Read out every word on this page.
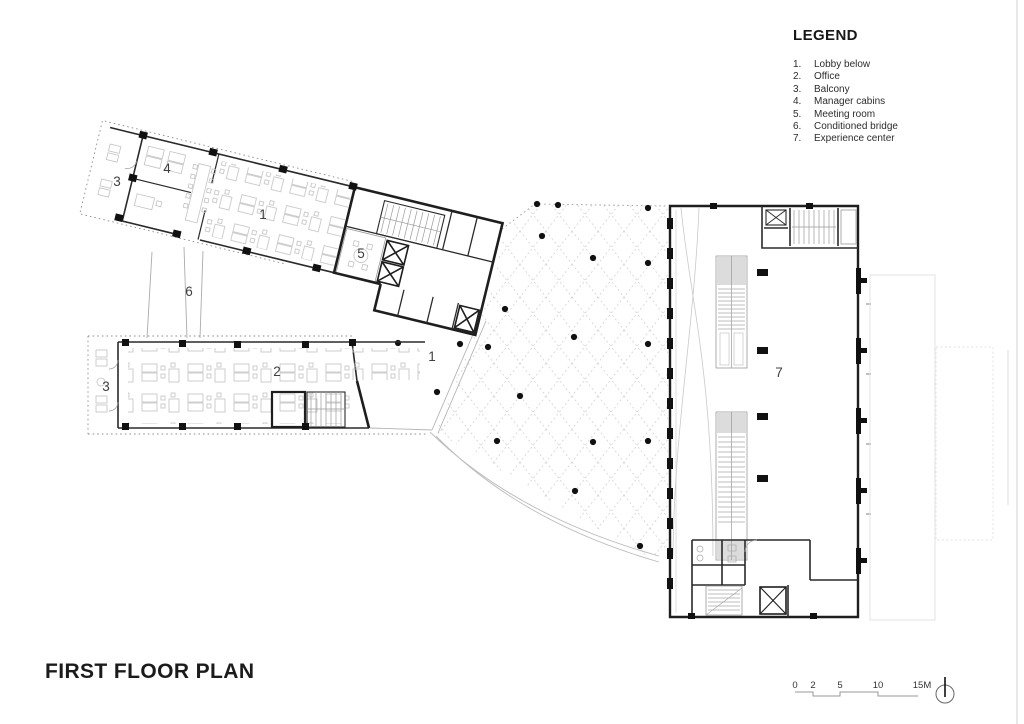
3
4
1
5
6
3
2
1
7
0 2 5	10	15M
LEGEND
1.	Lobby below
2.	Office
3.	Balcony
4.	Manager cabins
5.	Meeting room
6.	Conditioned bridge
7.	Experience center
FIRST FLOOR PLAN
